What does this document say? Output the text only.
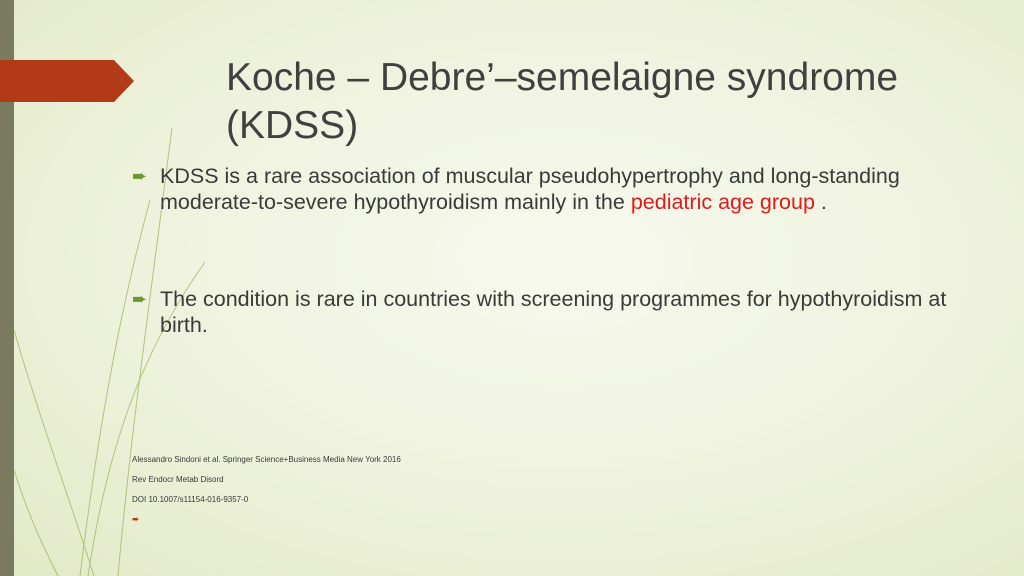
Koche – Debre’–semelaigne syndrome
(KDSS)
➨ KDSS is a rare association of muscular pseudohypertrophy and long-standing moderate-to-severe hypothyroidism mainly in the pediatric age group .
➨ The condition is rare in countries with screening programmes for hypothyroidism at birth.
Alessandro Sindoni et al. Springer Science+Business Media New York 2016
Rev Endocr Metab Disord
DOI 10.1007/s11154-016-9357-0
➨
